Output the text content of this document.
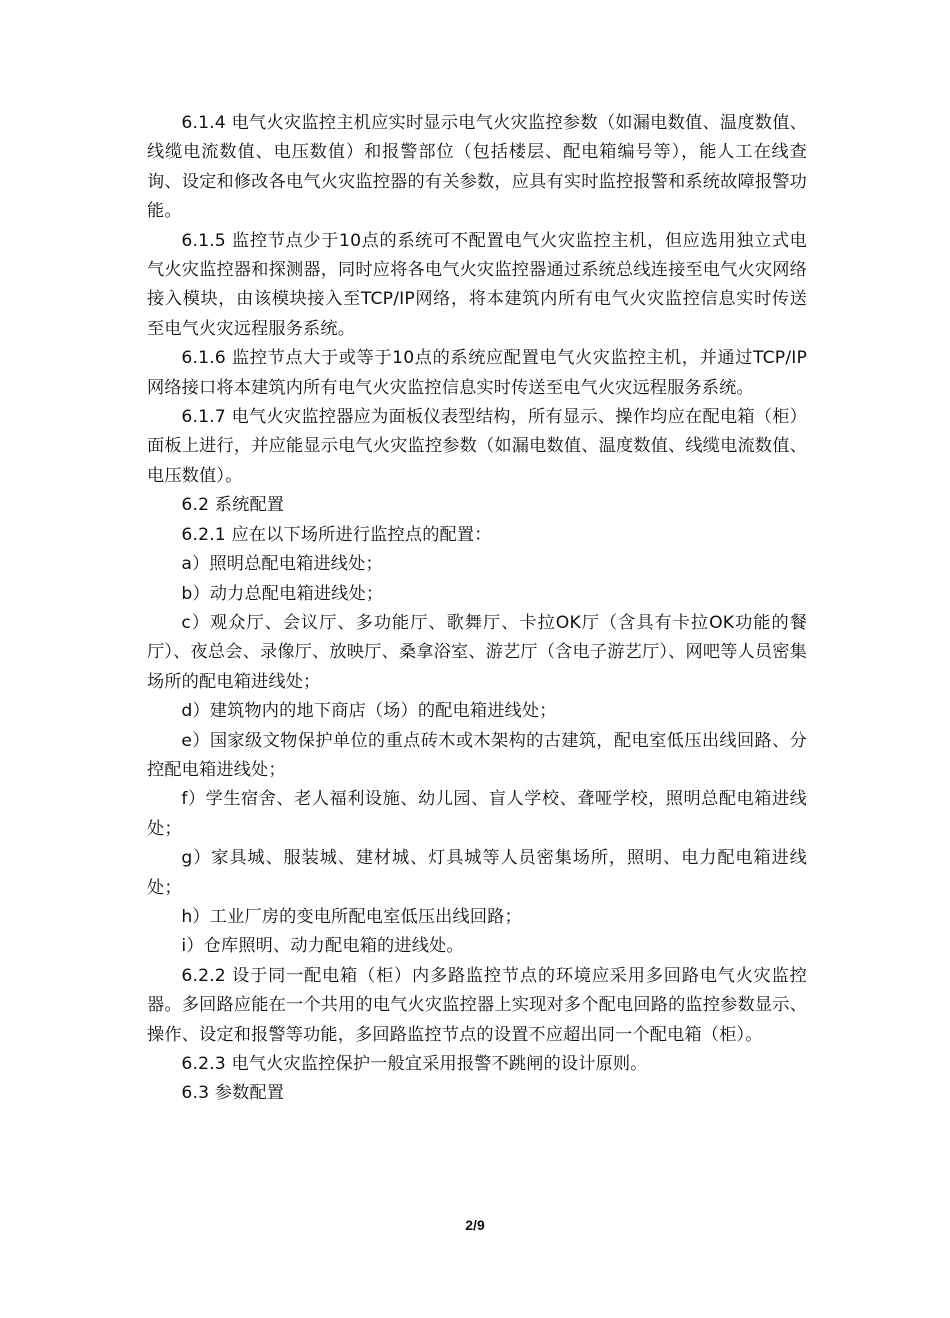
6.1.4 电气火灾监控主机应实时显示电气火灾监控参数（如漏电数值、温度数值、线缆电流数值、电压数值）和报警部位（包括楼层、配电箱编号等），能人工在线查询、设定和修改各电气火灾监控器的有关参数，应具有实时监控报警和系统故障报警功能。

6.1.5 监控节点少于10点的系统可不配置电气火灾监控主机，但应选用独立式电气火灾监控器和探测器，同时应将各电气火灾监控器通过系统总线连接至电气火灾网络接入模块，由该模块接入至TCP/IP网络，将本建筑内所有电气火灾监控信息实时传送至电气火灾远程服务系统。

6.1.6 监控节点大于或等于10点的系统应配置电气火灾监控主机，并通过TCP/IP网络接口将本建筑内所有电气火灾监控信息实时传送至电气火灾远程服务系统。

6.1.7 电气火灾监控器应为面板仪表型结构，所有显示、操作均应在配电箱（柜）面板上进行，并应能显示电气火灾监控参数（如漏电数值、温度数值、线缆电流数值、电压数值）。

6.2 系统配置

6.2.1 应在以下场所进行监控点的配置：

a）照明总配电箱进线处；

b）动力总配电箱进线处；

c）观众厅、会议厅、多功能厅、歌舞厅、卡拉OK厅（含具有卡拉OK功能的餐厅）、夜总会、录像厅、放映厅、桑拿浴室、游艺厅（含电子游艺厅）、网吧等人员密集场所的配电箱进线处；

d）建筑物内的地下商店（场）的配电箱进线处；

e）国家级文物保护单位的重点砖木或木架构的古建筑，配电室低压出线回路、分控配电箱进线处；

f）学生宿舍、老人福利设施、幼儿园、盲人学校、聋哑学校，照明总配电箱进线处；

g）家具城、服装城、建材城、灯具城等人员密集场所，照明、电力配电箱进线处；

h）工业厂房的变电所配电室低压出线回路；

i）仓库照明、动力配电箱的进线处。

6.2.2 设于同一配电箱（柜）内多路监控节点的环境应采用多回路电气火灾监控器。多回路应能在一个共用的电气火灾监控器上实现对多个配电回路的监控参数显示、操作、设定和报警等功能，多回路监控节点的设置不应超出同一个配电箱（柜）。

6.2.3 电气火灾监控保护一般宜采用报警不跳闸的设计原则。

6.3 参数配置

2/9
